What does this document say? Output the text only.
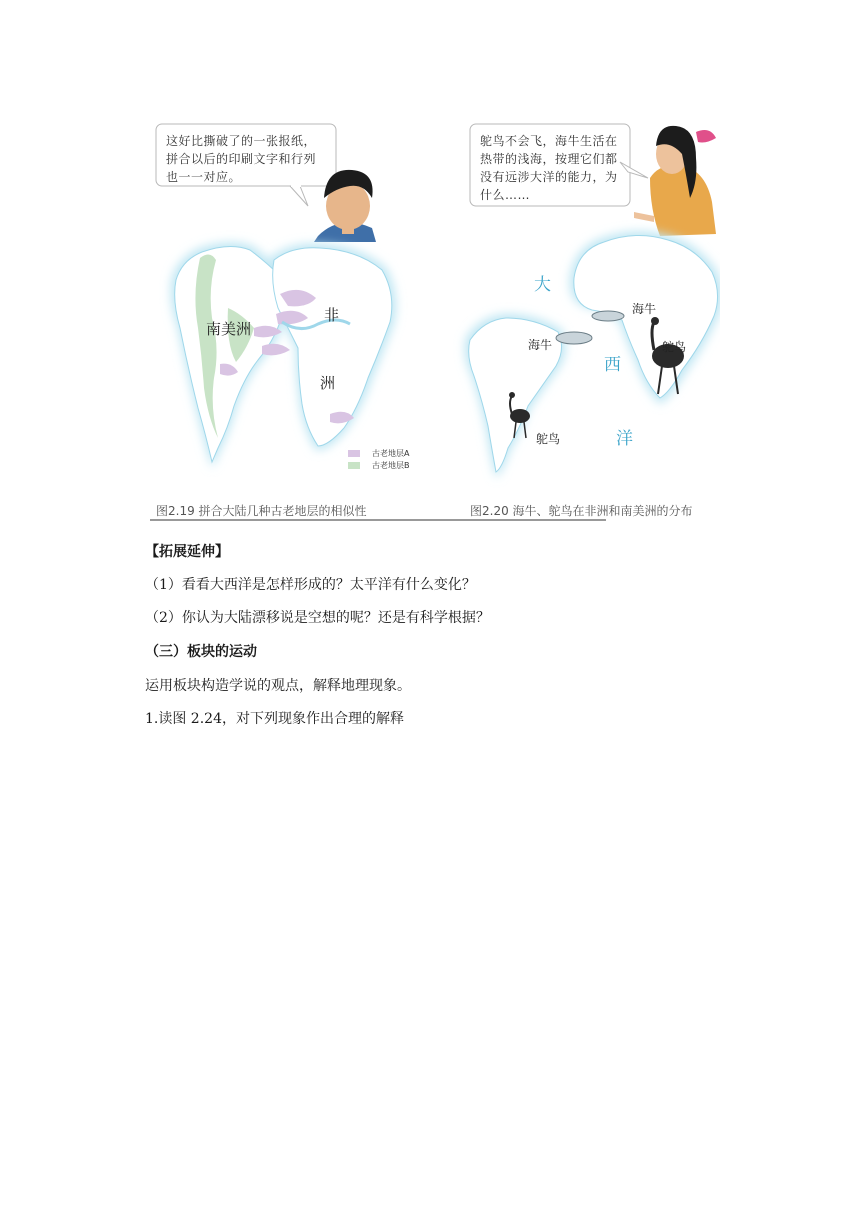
这好比撕破了的一张报纸，
拼合以后的印刷文字和行列
也一一对应。
鸵鸟不会飞，海牛生活在
热带的浅海，按理它们都
没有远涉大洋的能力，为
什么……
南美洲
非
洲
古老地层A
古老地层B
大
西
洋
海牛
海牛	鸵鸟
鸵鸟
图2.19 拼合大陆几种古老地层的相似性	图2.20 海牛、鸵鸟在非洲和南美洲的分布
【拓展延伸】
（1）看看大西洋是怎样形成的？太平洋有什么变化？
（2）你认为大陆漂移说是空想的呢？还是有科学根据？
（三）板块的运动
运用板块构造学说的观点，解释地理现象。
1.读图 2.24，对下列现象作出合理的解释
